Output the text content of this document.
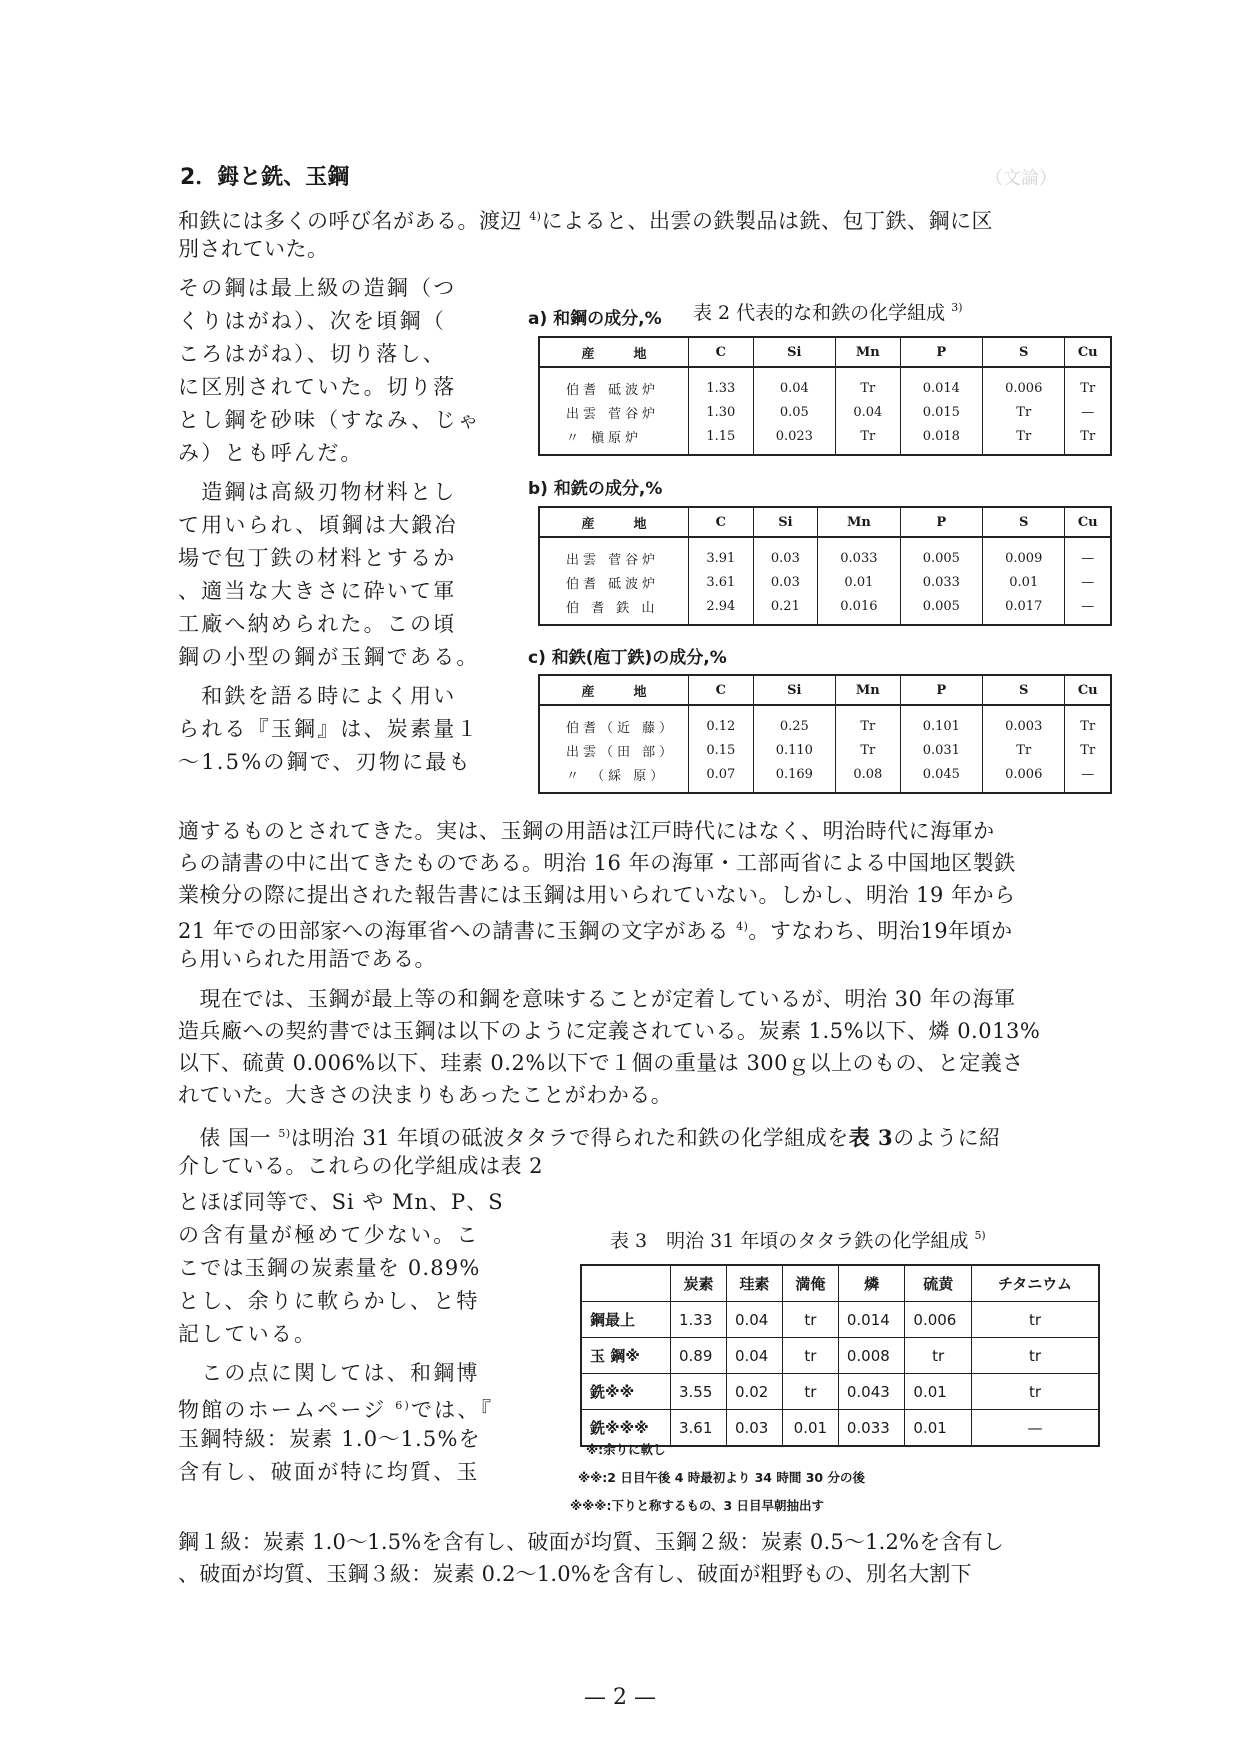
（文論）
2．鉧と銑、玉鋼
和鉄には多くの呼び名がある。渡辺 $^{4)}$によると、出雲の鉄製品は銑、包丁鉄、鋼に区
別されていた。
その鋼は最上級の造鋼（つ
くりはがね）、次を頃鋼（
ころはがね）、切り落し、
に区別されていた。切り落
とし鋼を砂味（すなみ、じゃ
み）とも呼んだ。
　造鋼は高級刃物材料とし
て用いられ、頃鋼は大鍛冶
場で包丁鉄の材料とするか
、適当な大きさに砕いて軍
工廠へ納められた。この頃
鋼の小型の鋼が玉鋼である。
　和鉄を語る時によく用い
られる『玉鋼』は、炭素量１
～1.5%の鋼で、刃物に最も
表 2 代表的な和鉄の化学組成 $^{3)}$
a) 和鋼の成分,%
産　　　地	C	Si	Mn	P	S	Cu
伯耆 砥波炉	1.33	0.04	Tr	0.014	0.006	Tr
出雲 菅谷炉	1.30	0.05	0.04	0.015	Tr	—
〃 槇原炉	1.15	0.023	Tr	0.018	Tr	Tr
b) 和銑の成分,%
産　　　地	C	Si	Mn	P	S	Cu
出雲 菅谷炉	3.91	0.03	0.033	0.005	0.009	—
伯耆 砥波炉	3.61	0.03	0.01	0.033	0.01	—
伯 耆 鉄 山	2.94	0.21	0.016	0.005	0.017	—
c) 和鉄(庖丁鉄)の成分,%
産　　　地	C	Si	Mn	P	S	Cu
伯耆（近 藤）	0.12	0.25	Tr	0.101	0.003	Tr
出雲（田 部）	0.15	0.110	Tr	0.031	Tr	Tr
〃 （綵 原）	0.07	0.169	0.08	0.045	0.006	—
適するものとされてきた。実は、玉鋼の用語は江戸時代にはなく、明治時代に海軍か
らの請書の中に出てきたものである。明治 16 年の海軍・工部両省による中国地区製鉄
業検分の際に提出された報告書には玉鋼は用いられていない。しかし、明治 19 年から
21 年での田部家への海軍省への請書に玉鋼の文字がある $^{4)}$。すなわち、明治19年頃か
ら用いられた用語である。
　現在では、玉鋼が最上等の和鋼を意味することが定着しているが、明治 30 年の海軍
造兵廠への契約書では玉鋼は以下のように定義されている。炭素 1.5%以下、燐 0.013%
以下、硫黄 0.006%以下、珪素 0.2%以下で１個の重量は 300ｇ以上のもの、と定義さ
れていた。大きさの決まりもあったことがわかる。
　俵 国一 $^{5)}$は明治 31 年頃の砥波タタラで得られた和鉄の化学組成を表 3のように紹
介している。これらの化学組成は表 2
とほぼ同等で、Si や Mn、P、S
の含有量が極めて少ない。こ
こでは玉鋼の炭素量を 0.89%
とし、余りに軟らかし、と特
記している。
　この点に関しては、和鋼博
物館のホームページ $^{6)}$では、『
玉鋼特級：炭素 1.0～1.5%を
含有し、破面が特に均質、玉
表 3　明治 31 年頃のタタラ鉄の化学組成 $^{5)}$
	炭素	珪素	満俺	燐	硫黄	チタニウム
鋼最上	1.33	0.04	tr	0.014	0.006	tr
玉 鋼※	0.89	0.04	tr	0.008	tr	tr
銑※※	3.55	0.02	tr	0.043	0.01	tr
銑※※※	3.61	0.03	0.01	0.033	0.01	—
※:余りに軟し
※※:2 日目午後 4 時最初より 34 時間 30 分の後
※※※:下りと称するもの、3 日目早朝抽出す
鋼１級：炭素 1.0～1.5%を含有し、破面が均質、玉鋼２級：炭素 0.5～1.2%を含有し
、破面が均質、玉鋼３級：炭素 0.2～1.0%を含有し、破面が粗野もの、別名大割下
— 2 —
